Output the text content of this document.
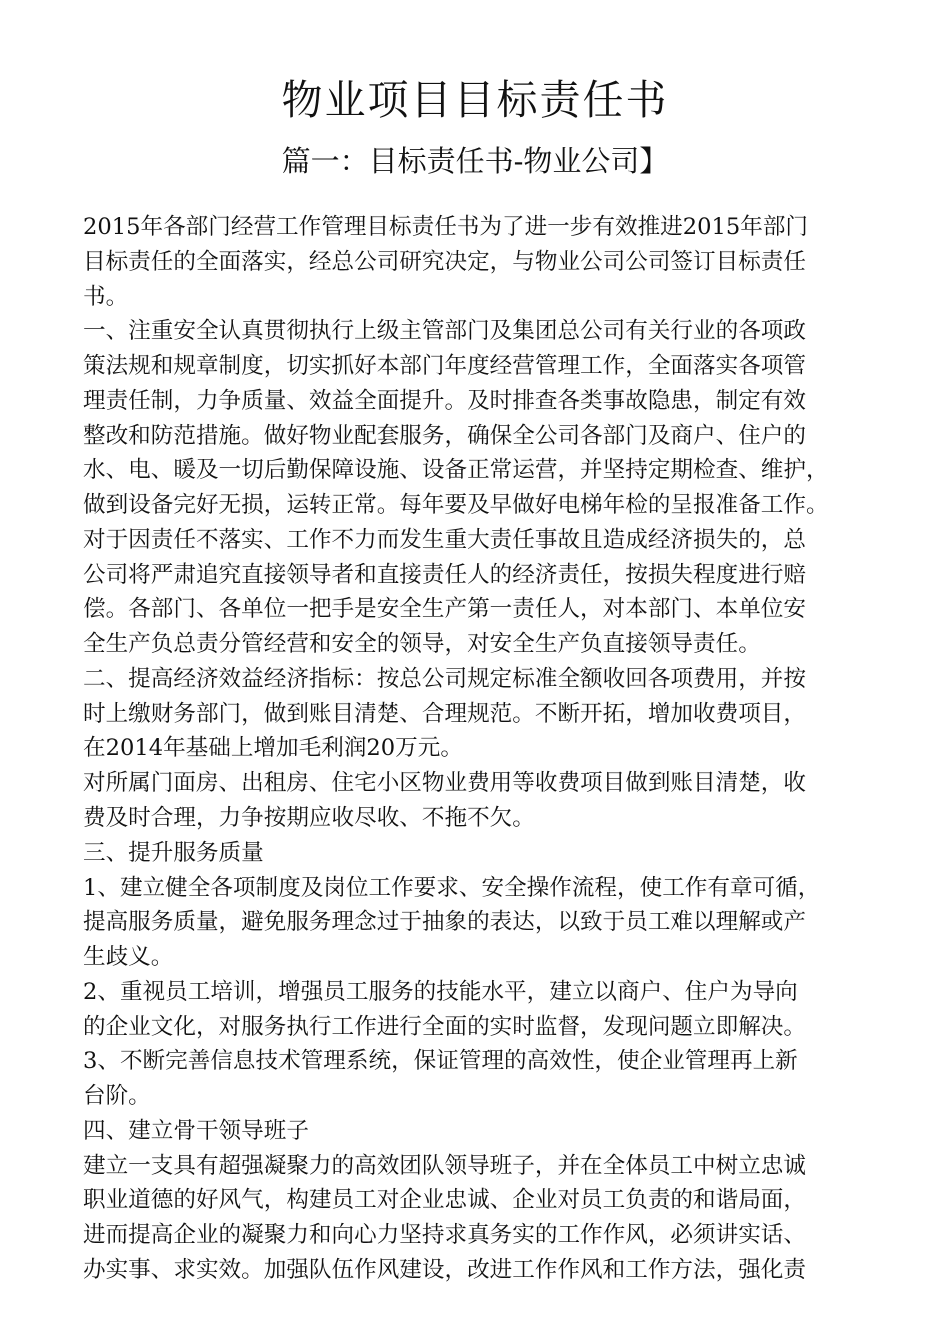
物业项目目标责任书
篇一：目标责任书-物业公司】
2015年各部门经营工作管理目标责任书为了进一步有效推进2015年部门
目标责任的全面落实，经总公司研究决定，与物业公司公司签订目标责任
书。
一、注重安全认真贯彻执行上级主管部门及集团总公司有关行业的各项政
策法规和规章制度，切实抓好本部门年度经营管理工作，全面落实各项管
理责任制，力争质量、效益全面提升。及时排查各类事故隐患，制定有效
整改和防范措施。做好物业配套服务，确保全公司各部门及商户、住户的
水、电、暖及一切后勤保障设施、设备正常运营，并坚持定期检查、维护，
做到设备完好无损，运转正常。每年要及早做好电梯年检的呈报准备工作。
对于因责任不落实、工作不力而发生重大责任事故且造成经济损失的，总
公司将严肃追究直接领导者和直接责任人的经济责任，按损失程度进行赔
偿。各部门、各单位一把手是安全生产第一责任人，对本部门、本单位安
全生产负总责分管经营和安全的领导，对安全生产负直接领导责任。
二、提高经济效益经济指标：按总公司规定标准全额收回各项费用，并按
时上缴财务部门，做到账目清楚、合理规范。不断开拓，增加收费项目，
在2014年基础上增加毛利润20万元。
对所属门面房、出租房、住宅小区物业费用等收费项目做到账目清楚，收
费及时合理，力争按期应收尽收、不拖不欠。
三、提升服务质量
1、建立健全各项制度及岗位工作要求、安全操作流程，使工作有章可循，
提高服务质量，避免服务理念过于抽象的表达，以致于员工难以理解或产
生歧义。
2、重视员工培训，增强员工服务的技能水平，建立以商户、住户为导向
的企业文化，对服务执行工作进行全面的实时监督，发现问题立即解决。
3、不断完善信息技术管理系统，保证管理的高效性，使企业管理再上新
台阶。
四、建立骨干领导班子
建立一支具有超强凝聚力的高效团队领导班子，并在全体员工中树立忠诚
职业道德的好风气，构建员工对企业忠诚、企业对员工负责的和谐局面，
进而提高企业的凝聚力和向心力坚持求真务实的工作作风，必须讲实话、
办实事、求实效。加强队伍作风建设，改进工作作风和工作方法，强化责
